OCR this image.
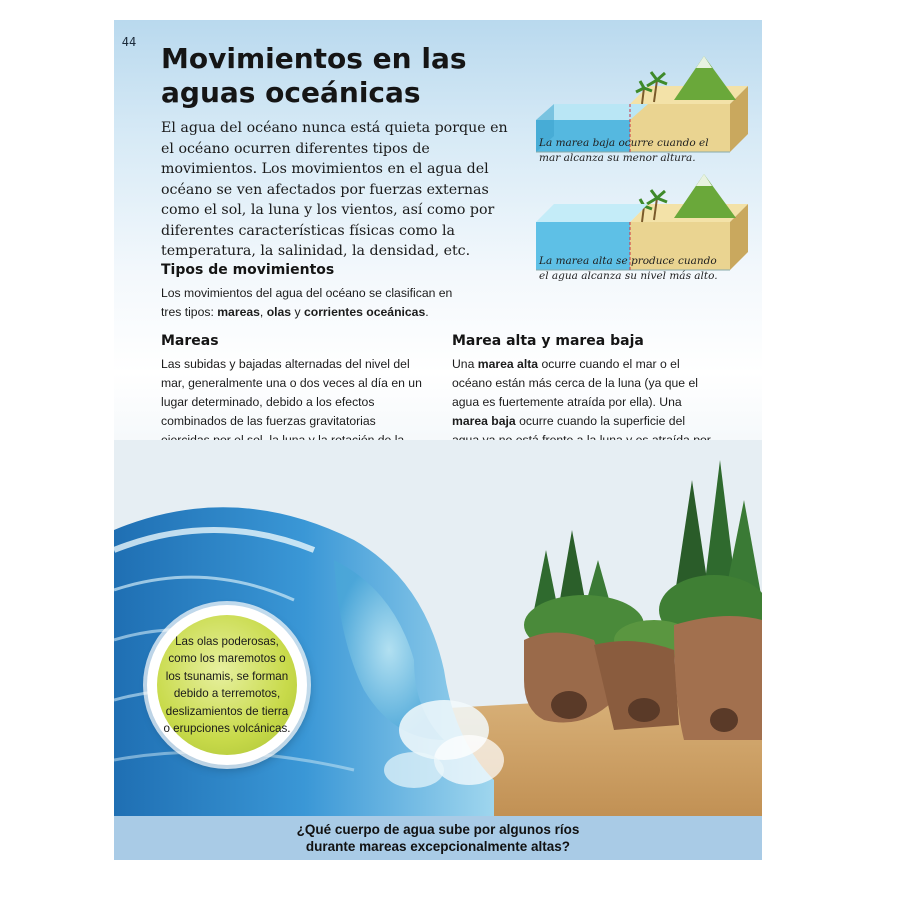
44 Movimientos en las aguas oceánicas

El agua del océano nunca está quieta porque en el océano ocurren diferentes tipos de movimientos. Los movimientos en el agua del océano se ven afectados por fuerzas externas como el sol, la luna y los vientos, así como por diferentes características físicas como la temperatura, la salinidad, la densidad, etc.

La marea baja ocurre cuando el mar alcanza su menor altura.

La marea alta se produce cuando el agua alcanza su nivel más alto.

Tipos de movimientos

Los movimientos del agua del océano se clasifican en tres tipos: mareas, olas y corrientes oceánicas.

Mareas

Las subidas y bajadas alternadas del nivel del mar, generalmente una o dos veces al día en un lugar determinado, debido a los efectos combinados de las fuerzas gravitatorias

Marea alta y marea baja

Una marea alta ocurre cuando el mar o el océano están más cerca de la luna (ya que el agua es fuertemente atraída por ella). Una marea baja ocurre cuando la superficie del

Las olas poderosas, como los maremotos o los tsunamis, se forman debido a terremotos, deslizamientos de tierra o erupciones volcánicas.

¿Qué cuerpo de agua sube por algunos ríos
durante mareas excepcionalmente altas?
